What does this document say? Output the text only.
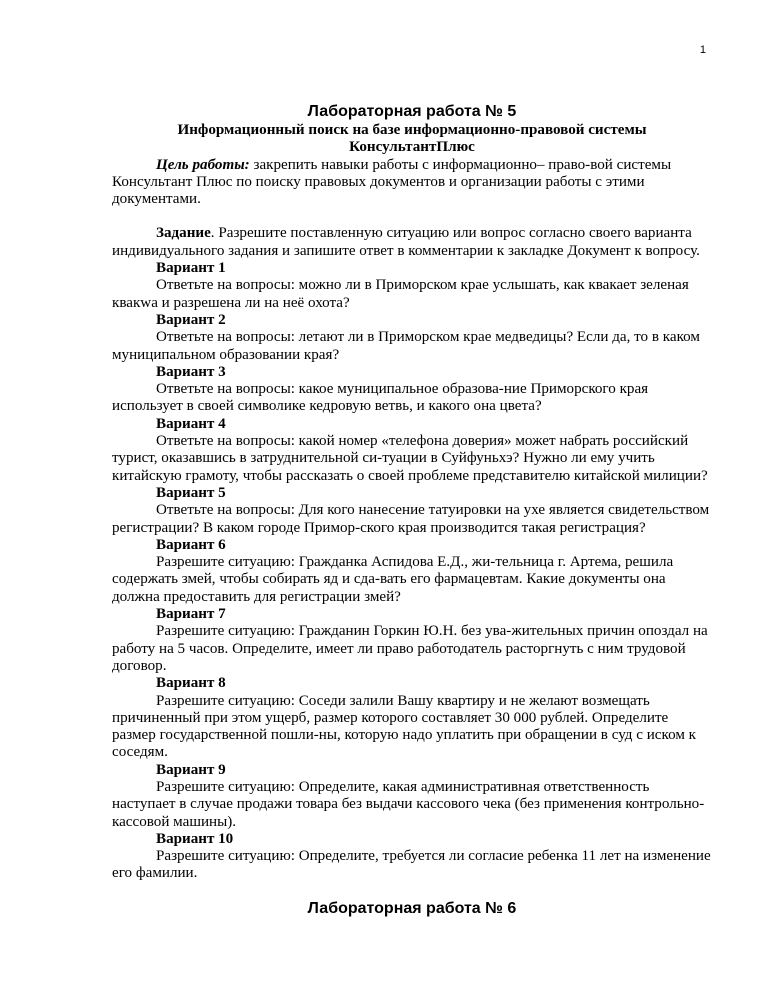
1
Лабораторная работа № 5

Информационный поиск на базе информационно-правовой системы

КонсультантПлюс

Цель работы: закрепить навыки работы с информационно– право-вой системы Консультант Плюс по поиску правовых документов и организации работы с этими документами.

Задание. Разрешите поставленную ситуацию или вопрос согласно своего варианта индивидуального задания и запишите ответ в комментарии к закладке Документ к вопросу.

Вариант 1

Ответьте на вопросы: можно ли в Приморском крае услышать, как квакает зеленая квакwa и разрешена ли на неё охота?

Вариант 2

Ответьте на вопросы: летают ли в Приморском крае медведицы? Если да, то в каком муниципальном образовании края?

Вариант 3

Ответьте на вопросы: какое муниципальное образова-ние Приморского края использует в своей символике кедровую ветвь, и какого она цвета?

Вариант 4

Ответьте на вопросы: какой номер «телефона доверия» может набрать российский турист, оказавшись в затруднительной си-туации в Суйфуньхэ? Нужно ли ему учить китайскую грамоту, чтобы рассказать о своей проблеме представителю китайской милиции?

Вариант 5

Ответьте на вопросы: Для кого нанесение татуировки на ухе является свидетельством регистрации? В каком городе Примор-ского края производится такая регистрация?

Вариант 6

Разрешите ситуацию: Гражданка Аспидова Е.Д., жи-тельница г. Артема, решила содержать змей, чтобы собирать яд и сда-вать его фармацевтам. Какие документы она должна предоставить для регистрации змей?

Вариант 7

Разрешите ситуацию: Гражданин Горкин Ю.Н. без ува-жительных причин опоздал на работу на 5 часов. Определите, имеет ли право работодатель расторгнуть с ним трудовой договор.

Вариант 8

Разрешите ситуацию: Соседи залили Вашу квартиру и не желают возмещать причиненный при этом ущерб, размер которого составляет 30 000 рублей. Определите размер государственной пошли-ны, которую надо уплатить при обращении в суд с иском к соседям.

Вариант 9

Разрешите ситуацию: Определите, какая административная ответственность наступает в случае продажи товара без выдачи кассового чека (без применения контрольно-кассовой машины).

Вариант 10

Разрешите ситуацию: Определите, требуется ли согласие ребенка 11 лет на изменение его фамилии.

Лабораторная работа № 6
